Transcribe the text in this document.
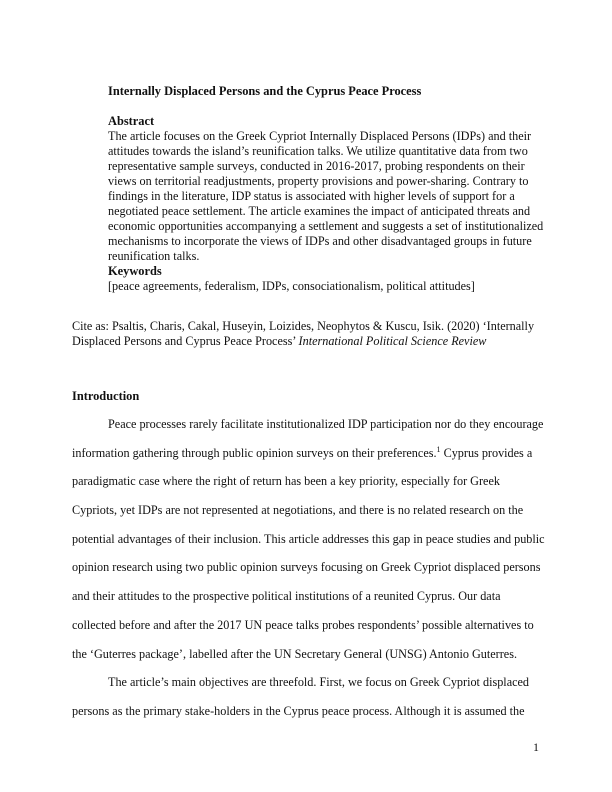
Internally Displaced Persons and the Cyprus Peace Process
Abstract
The article focuses on the Greek Cypriot Internally Displaced Persons (IDPs) and their
attitudes towards the island’s reunification talks. We utilize quantitative data from two
representative sample surveys, conducted in 2016-2017, probing respondents on their
views on territorial readjustments, property provisions and power-sharing. Contrary to
findings in the literature, IDP status is associated with higher levels of support for a
negotiated peace settlement. The article examines the impact of anticipated threats and
economic opportunities accompanying a settlement and suggests a set of institutionalized
mechanisms to incorporate the views of IDPs and other disadvantaged groups in future
reunification talks.
Keywords
[peace agreements, federalism, IDPs, consociationalism, political attitudes]
Cite as: Psaltis, Charis, Cakal, Huseyin, Loizides, Neophytos & Kuscu, Isik. (2020) ‘Internally
Displaced Persons and Cyprus Peace Process’ International Political Science Review
Introduction
Peace processes rarely facilitate institutionalized IDP participation nor do they encourage
information gathering through public opinion surveys on their preferences.$^1$ Cyprus provides a
paradigmatic case where the right of return has been a key priority, especially for Greek
Cypriots, yet IDPs are not represented at negotiations, and there is no related research on the
potential advantages of their inclusion. This article addresses this gap in peace studies and public
opinion research using two public opinion surveys focusing on Greek Cypriot displaced persons
and their attitudes to the prospective political institutions of a reunited Cyprus. Our data
collected before and after the 2017 UN peace talks probes respondents’ possible alternatives to
the ‘Guterres package’, labelled after the UN Secretary General (UNSG) Antonio Guterres.
The article’s main objectives are threefold. First, we focus on Greek Cypriot displaced
persons as the primary stake-holders in the Cyprus peace process. Although it is assumed the
1
